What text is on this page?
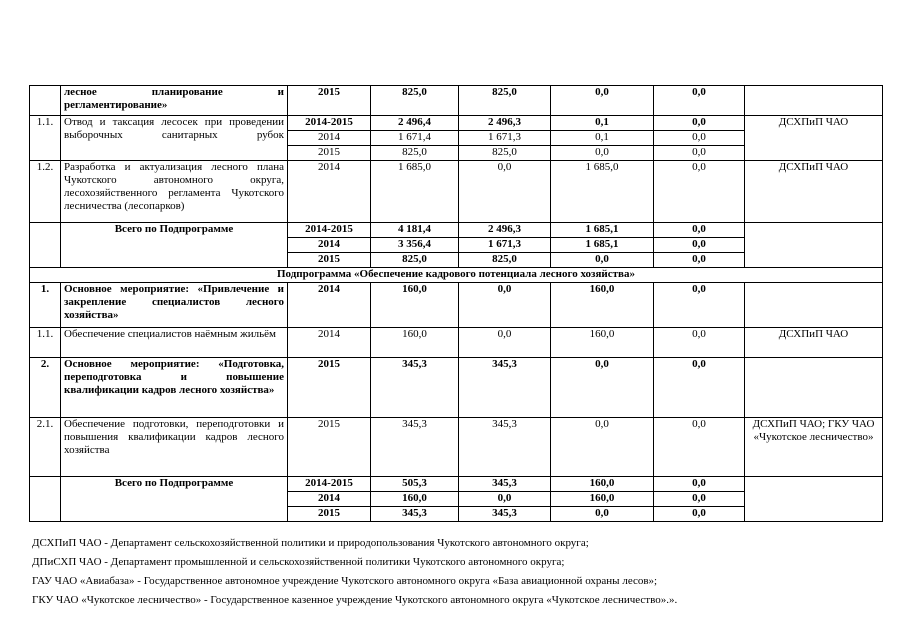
	лесное планирование и регламентирование»	2015	825,0	825,0	0,0	0,0	
1.1.	Отвод и таксация лесосек при проведении выборочных санитарных рубок	2014-2015	2 496,4	2 496,3	0,1	0,0	ДСХПиП ЧАО
		2014	1 671,4	1 671,3	0,1	0,0	
		2015	825,0	825,0	0,0	0,0	
1.2.	Разработка и актуализация лесного плана Чукотского автономного округа, лесохозяйственного регламента Чукотского лесничества (лесопарков)	2014	1 685,0	0,0	1 685,0	0,0	ДСХПиП ЧАО
	Всего по Подпрограмме	2014-2015	4 181,4	2 496,3	1 685,1	0,0	
		2014	3 356,4	1 671,3	1 685,1	0,0	
		2015	825,0	825,0	0,0	0,0	
Подпрограмма «Обеспечение кадрового потенциала лесного хозяйства»							
1.	Основное мероприятие: «Привлечение и закрепление специалистов лесного хозяйства»	2014	160,0	0,0	160,0	0,0	
1.1.	Обеспечение специалистов наёмным жильём	2014	160,0	0,0	160,0	0,0	ДСХПиП ЧАО
2.	Основное мероприятие: «Подготовка, переподготовка и повышение квалификации кадров лесного хозяйства»	2015	345,3	345,3	0,0	0,0	
2.1.	Обеспечение подготовки, переподготовки и повышения квалификации кадров лесного хозяйства	2015	345,3	345,3	0,0	0,0	ДСХПиП ЧАО; ГКУ ЧАО «Чукотское лесничество»
	Всего по Подпрограмме	2014-2015	505,3	345,3	160,0	0,0	
		2014	160,0	0,0	160,0	0,0	
		2015	345,3	345,3	0,0	0,0	
ДСХПиП ЧАО - Департамент сельскохозяйственной политики и природопользования Чукотского автономного округа;
ДПиСХП ЧАО - Департамент промышленной и сельскохозяйственной политики Чукотского автономного округа;
ГАУ ЧАО «Авиабаза» - Государственное автономное учреждение Чукотского автономного округа «База авиационной охраны лесов»;
ГКУ ЧАО «Чукотское лесничество» - Государственное казенное учреждение Чукотского автономного округа «Чукотское лесничество».».
